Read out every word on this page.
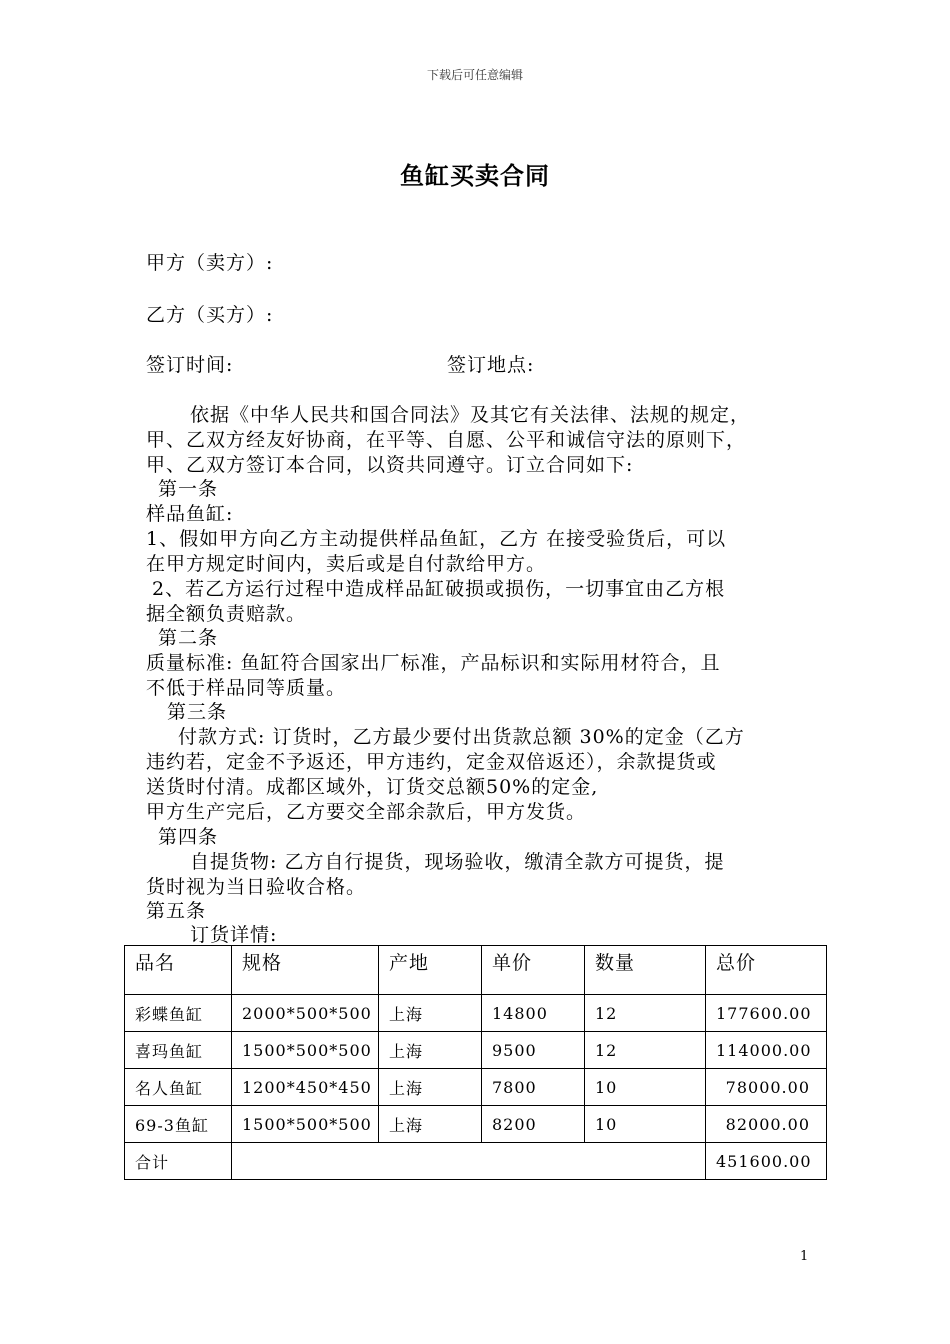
下载后可任意编辑
鱼缸买卖合同
甲方（卖方）:
乙方（买方）:
签订时间:	签订地点:
依据《中华人民共和国合同法》及其它有关法律、法规的规定，
甲、乙双方经友好协商，在平等、自愿、公平和诚信守法的原则下，
甲、乙双方签订本合同，以资共同遵守。订立合同如下:
第一条
样品鱼缸:
1、假如甲方向乙方主动提供样品鱼缸，乙方 在接受验货后，可以
在甲方规定时间内，卖后或是自付款给甲方。
2、若乙方运行过程中造成样品缸破损或损伤，一切事宜由乙方根
据全额负责赔款。
第二条
质量标准: 鱼缸符合国家出厂标准，产品标识和实际用材符合，且
不低于样品同等质量。
第三条
付款方式: 订货时，乙方最少要付出货款总额 30%的定金（乙方
违约若，定金不予返还，甲方违约，定金双倍返还），余款提货或
送货时付清。成都区域外，订货交总额50%的定金,
甲方生产完后，乙方要交全部余款后，甲方发货。
第四条
自提货物: 乙方自行提货，现场验收，缴清全款方可提货，提
货时视为当日验收合格。
第五条
订货详情:
品名	规格	产地	单价	数量	总价
彩蝶鱼缸	2000*500*500	上海	14800	12	177600.00
喜玛鱼缸	1500*500*500	上海	9500	12	114000.00
名人鱼缸	1200*450*450	上海	7800	10	78000.00
69-3鱼缸	1500*500*500	上海	8200	10	82000.00
合计					451600.00
1
